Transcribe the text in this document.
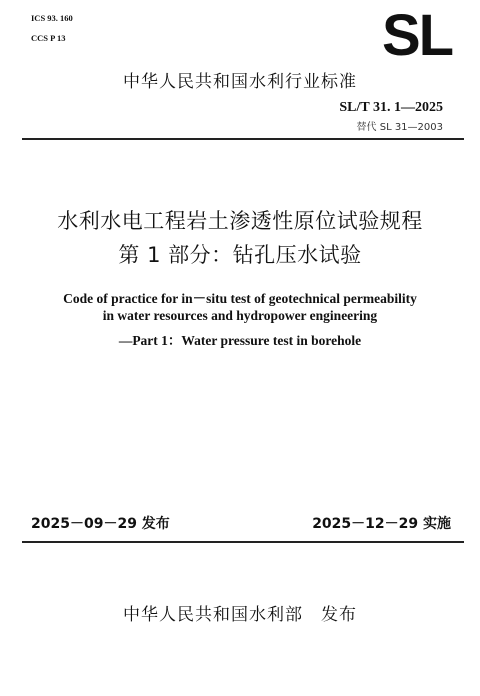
ICS 93. 160
CCS P 13	SL
中华人民共和国水利行业标准
SL/T 31. 1—2025
替代 SL 31—2003
水利水电工程岩土渗透性原位试验规程
第 1 部分：钻孔压水试验
Code of practice for in－situ test of geotechnical permeability
in water resources and hydropower engineering
—Part 1：Water pressure test in borehole
2025－09－29 发布	2025－12－29 实施
中华人民共和国水利部　发布
